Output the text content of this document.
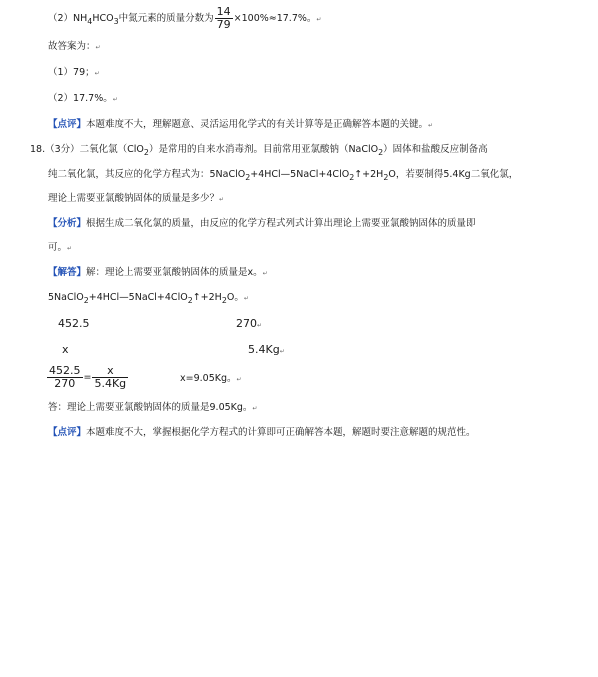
$(2)NH_4HCO_3$中氮元素的质量分数为 $\frac{14}{79} \times 100\%\approx 17.7\%$。↵
故答案为：↵
（1）79；↵
（2）17.7%。↵
【点评】本题难度不大，理解题意、灵活运用化学式的有关计算等是正确解答本题的关键。↵
18.（3分）二氧化氯（ClO$_2$）是常用的自来水消毒剂。目前常用亚氯酸钠（NaClO$_2$）固体和盐酸反应制备高
纯二氧化氯，其反应的化学方程式为：$5NaClO_2+4HCl—5NaCl+4ClO_2↑+2H_2O$，若要制得5.4Kg二氧化氯，
理论上需要亚氯酸钠固体的质量是多少？↵
【分析】根据生成二氧化氯的质量，由反应的化学方程式列式计算出理论上需要亚氯酸钠固体的质量即
可。↵
【解答】解：理论上需要亚氯酸钠固体的质量是x。↵
$5NaClO_2+4HCl—5NaCl+4ClO_2↑+2H_2O$。↵
452.5	270↵
x	5.4Kg↵
$\frac{452.5}{270} = \frac{x}{5.4Kg}$	x=9.05Kg。↵
答：理论上需要亚氯酸钠固体的质量是9.05Kg。↵
【点评】本题难度不大，掌握根据化学方程式的计算即可正确解答本题，解题时要注意解题的规范性。
